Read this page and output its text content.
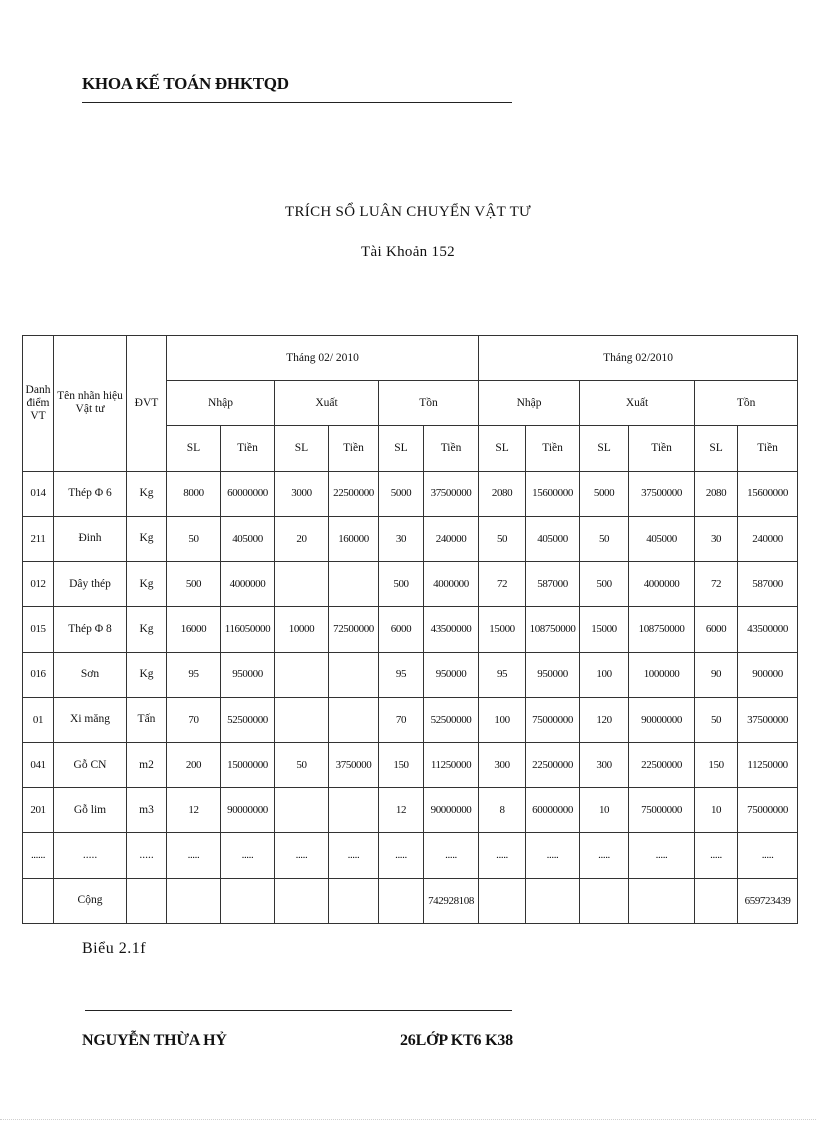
KHOA KẾ TOÁN ĐHKTQD
TRÍCH SỔ LUÂN CHUYỂN VẬT TƯ
Tài Khoản 152
Danh điểm VT	Tên nhãn hiệu Vật tư	ĐVT	Tháng 02/ 2010						Tháng 02/2010					
			Nhập		Xuất		Tồn		Nhập		Xuất		Tồn	
			SL	Tiền	SL	Tiền	SL	Tiền	SL	Tiền	SL	Tiền	SL	Tiền
014	Thép Φ 6	Kg	8000	60000000	3000	22500000	5000	37500000	2080	15600000	5000	37500000	2080	15600000
211	Đinh	Kg	50	405000	20	160000	30	240000	50	405000	50	405000	30	240000
012	Dây thép	Kg	500	4000000			500	4000000	72	587000	500	4000000	72	587000
015	Thép Φ 8	Kg	16000	116050000	10000	72500000	6000	43500000	15000	108750000	15000	108750000	6000	43500000
016	Sơn	Kg	95	950000			95	950000	95	950000	100	1000000	90	900000
01	Xi măng	Tấn	70	52500000			70	52500000	100	75000000	120	90000000	50	37500000
041	Gỗ CN	m2	200	15000000	50	3750000	150	11250000	300	22500000	300	22500000	150	11250000
201	Gỗ lim	m3	12	90000000			12	90000000	8	60000000	10	75000000	10	75000000
......	.....	.....	.....	.....	.....	.....	.....	.....	.....	.....	.....	.....	.....	.....
	Cộng							742928108						659723439
Biểu 2.1f
NGUYỄN THỪA HỶ	26LỚP KT6 K38
